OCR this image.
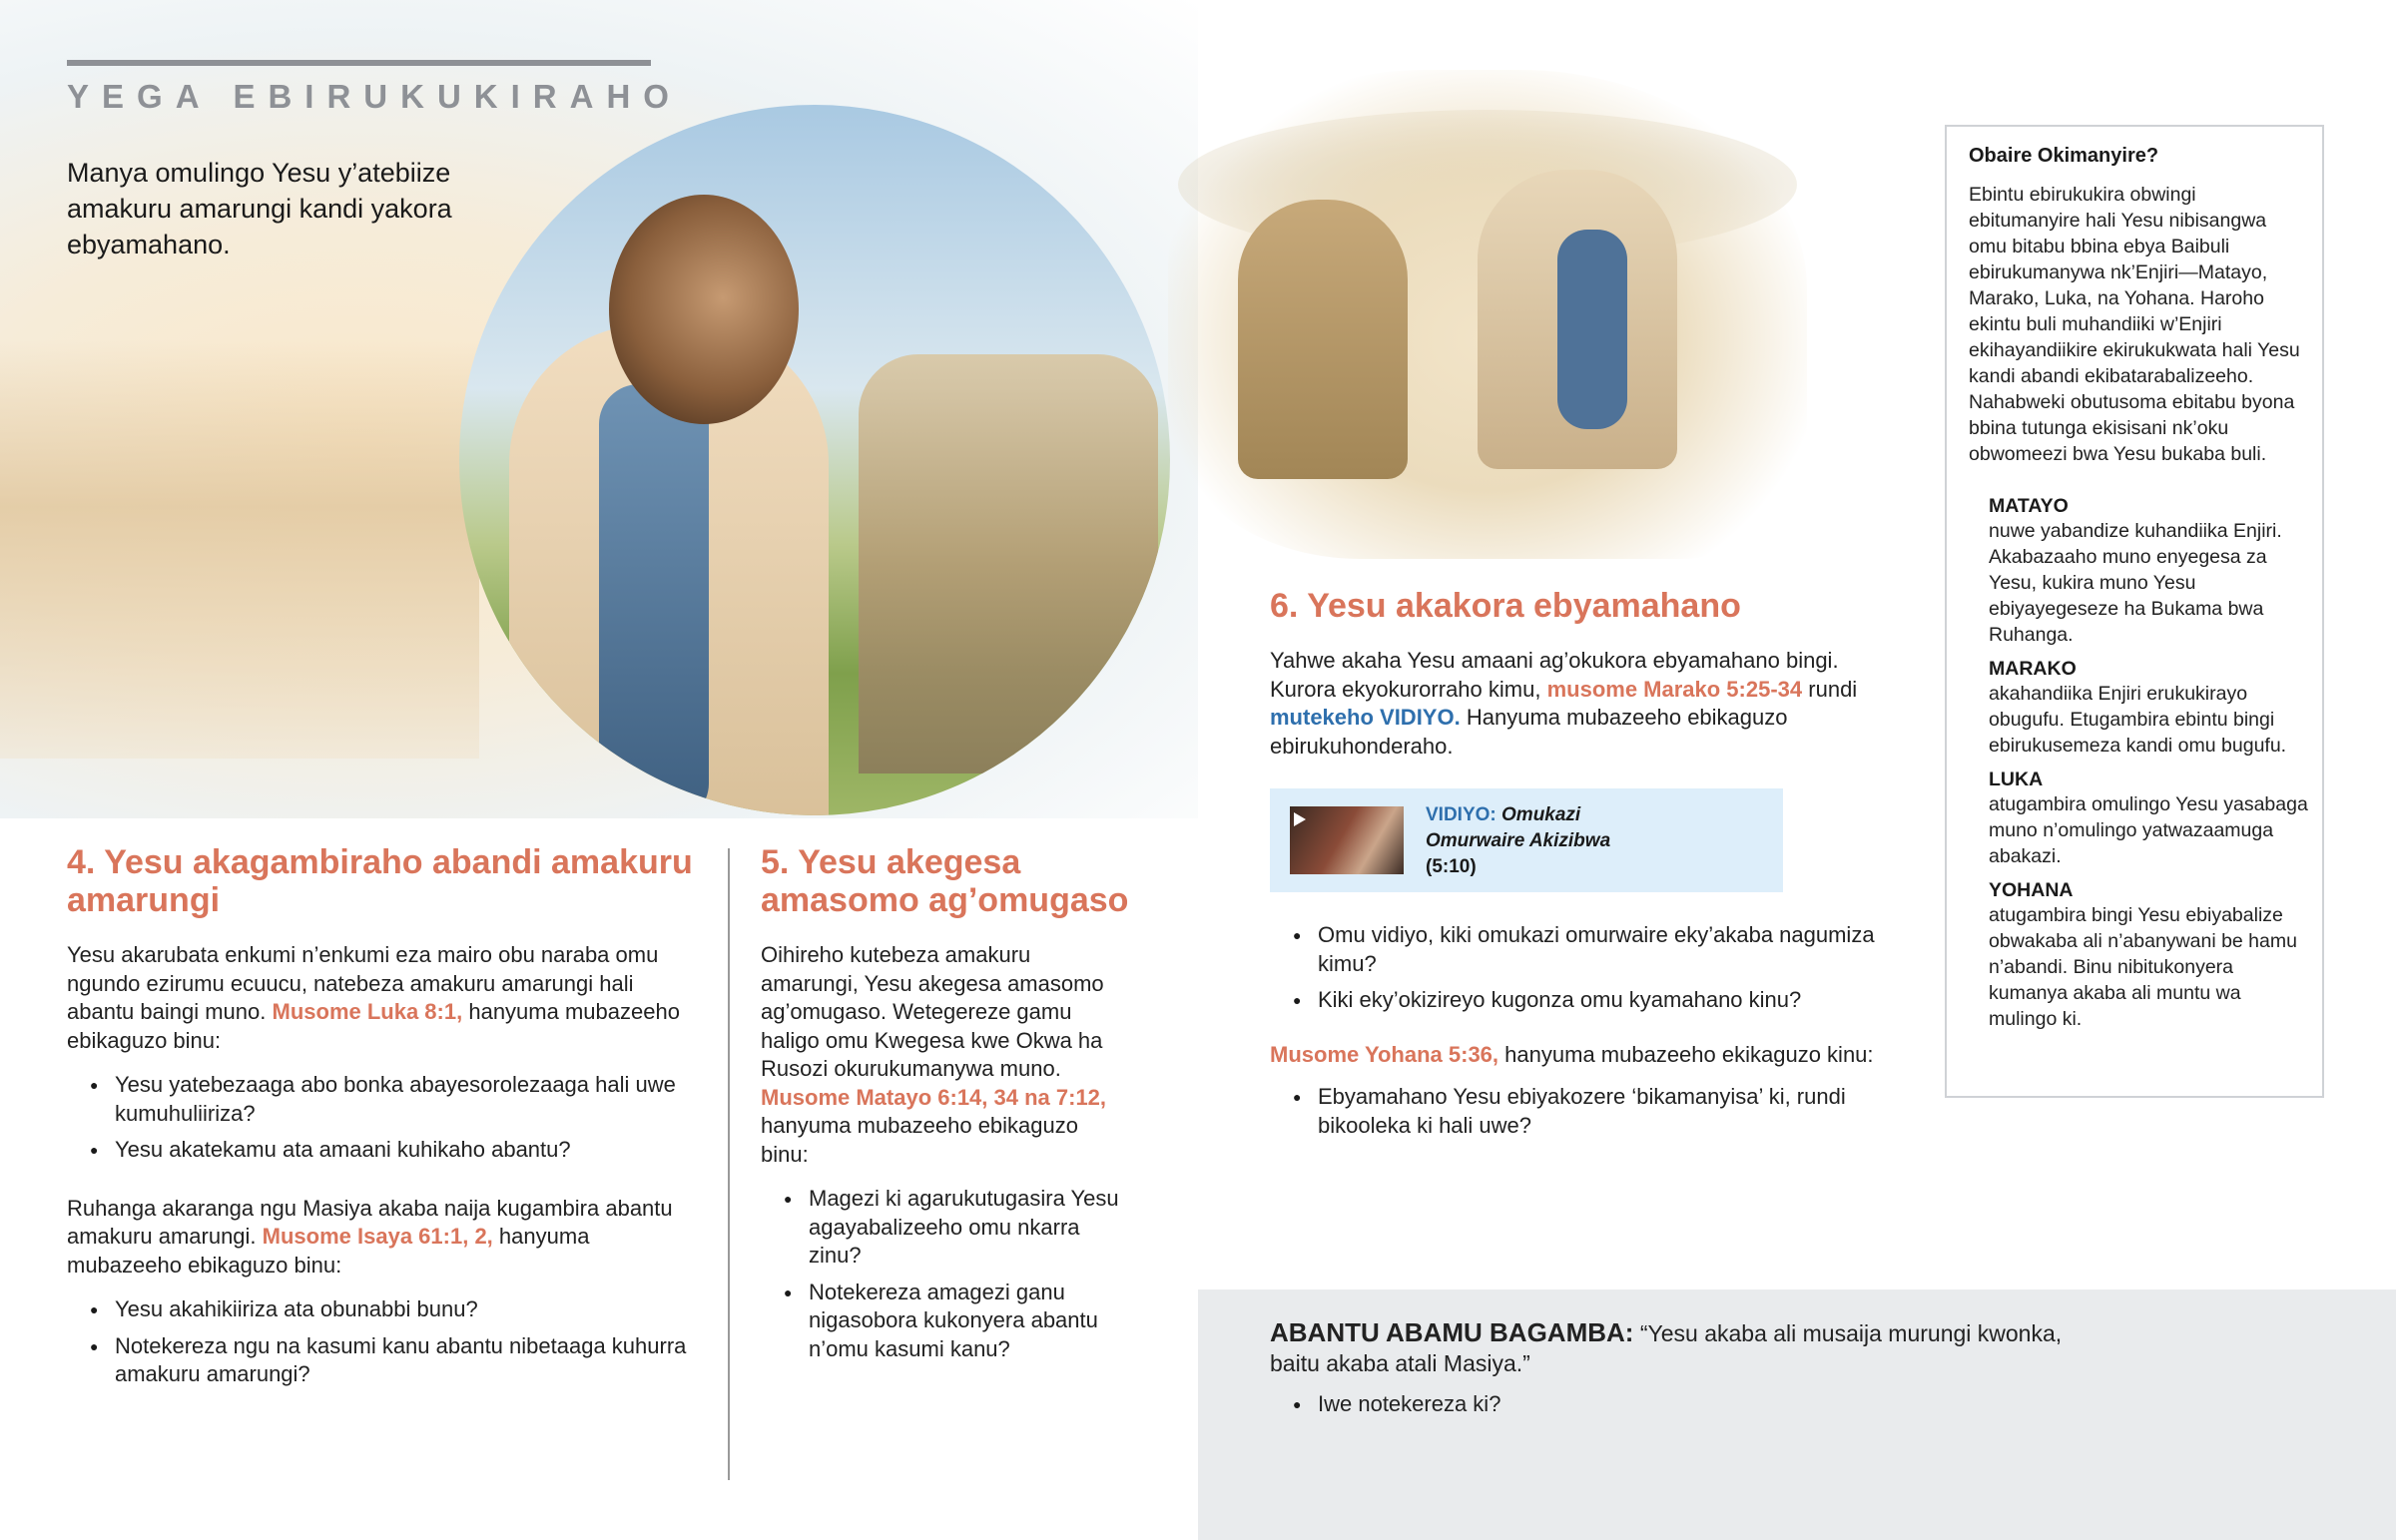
YEGA EBIRUKUKIRAHO
Manya omulingo Yesu y’atebiize amakuru amarungi kandi yakora ebyamahano.
4. Yesu akagambiraho abandi amakuru amarungi

Yesu akarubata enkumi n’enkumi eza mairo obu naraba omu ngundo ezirumu ecuucu, natebeza amakuru amarungi hali abantu baingi muno. Musome Luka 8:1, hanyuma mubazeeho ebikaguzo binu:

● Yesu yatebezaaga abo bonka abayesorolezaaga hali uwe kumuhuliiriza?
● Yesu akatekamu ata amaani kuhikaho abantu?

Ruhanga akaranga ngu Masiya akaba naija kugambira abantu amakuru amarungi. Musome Isaya 61:1, 2, hanyuma mubazeeho ebikaguzo binu:

● Yesu akahikiiriza ata obunabbi bunu?
● Notekereza ngu na kasumi kanu abantu nibetaaga kuhurra amakuru amarungi?
5. Yesu akegesa amasomo ag’omugaso

Oihireho kutebeza amakuru amarungi, Yesu akegesa amasomo ag’omugaso. Wetegereze gamu haligo omu Kwegesa kwe Okwa ha Rusozi okurukumanywa muno. Musome Matayo 6:14, 34 na 7:12, hanyuma mubazeeho ebikaguzo binu:

● Magezi ki agarukutugasira Yesu agayabalizeeho omu nkarra zinu?
● Notekereza amagezi ganu nigasobora kukonyera abantu n’omu kasumi kanu?
6. Yesu akakora ebyamahano

Yahwe akaha Yesu amaani ag’okukora ebyamahano bingi. Kurora ekyokurorraho kimu, musome Marako 5:25-34 rundi mutekeho VIDIYO. Hanyuma mubazeeho ebikaguzo ebirukuhonderaho.

VIDIYO: Omukazi
Omurwaire Akizibwa
(5:10)
● Omu vidiyo, kiki omukazi omurwaire eky’akaba nagumiza kimu?
● Kiki eky’okizireyo kugonza omu kyamahano kinu?

Musome Yohana 5:36, hanyuma mubazeeho ekikaguzo kinu:

● Ebyamahano Yesu ebiyakozere ‘bikamanyisa’ ki, rundi bikooleka ki hali uwe?
Obaire Okimanyire?

Ebintu ebirukukira obwingi ebitumanyire hali Yesu nibisangwa omu bitabu bbina ebya Baibuli ebirukumanywa nk’Enjiri—Matayo, Marako, Luka, na Yohana. Haroho ekintu buli muhandiiki w’Enjiri ekihayandiikire ekirukukwata hali Yesu kandi abandi ekibatarabalizeeho. Nahabweki obutusoma ebitabu byona bbina tutunga ekisisani nk’oku obwomeezi bwa Yesu bukaba buli.

MATAYO
nuwe yabandize kuhandiika Enjiri. Akabazaaho muno enyegesa za Yesu, kukira muno Yesu ebiyayegeseze ha Bukama bwa Ruhanga.
MARAKO
akahandiika Enjiri erukukirayo obugufu. Etugambira ebintu bingi ebirukusemeza kandi omu bugufu.
LUKA
atugambira omulingo Yesu yasabaga muno n’omulingo yatwazaamuga abakazi.
YOHANA
atugambira bingi Yesu ebiyabalize obwakaba ali n’abanywani be hamu n’abandi. Binu nibitukonyera kumanya akaba ali muntu wa mulingo ki.

ABANTU ABAMU BAGAMBA: “Yesu akaba ali musaija murungi kwonka, baitu akaba atali Masiya.”

● Iwe notekereza ki?
